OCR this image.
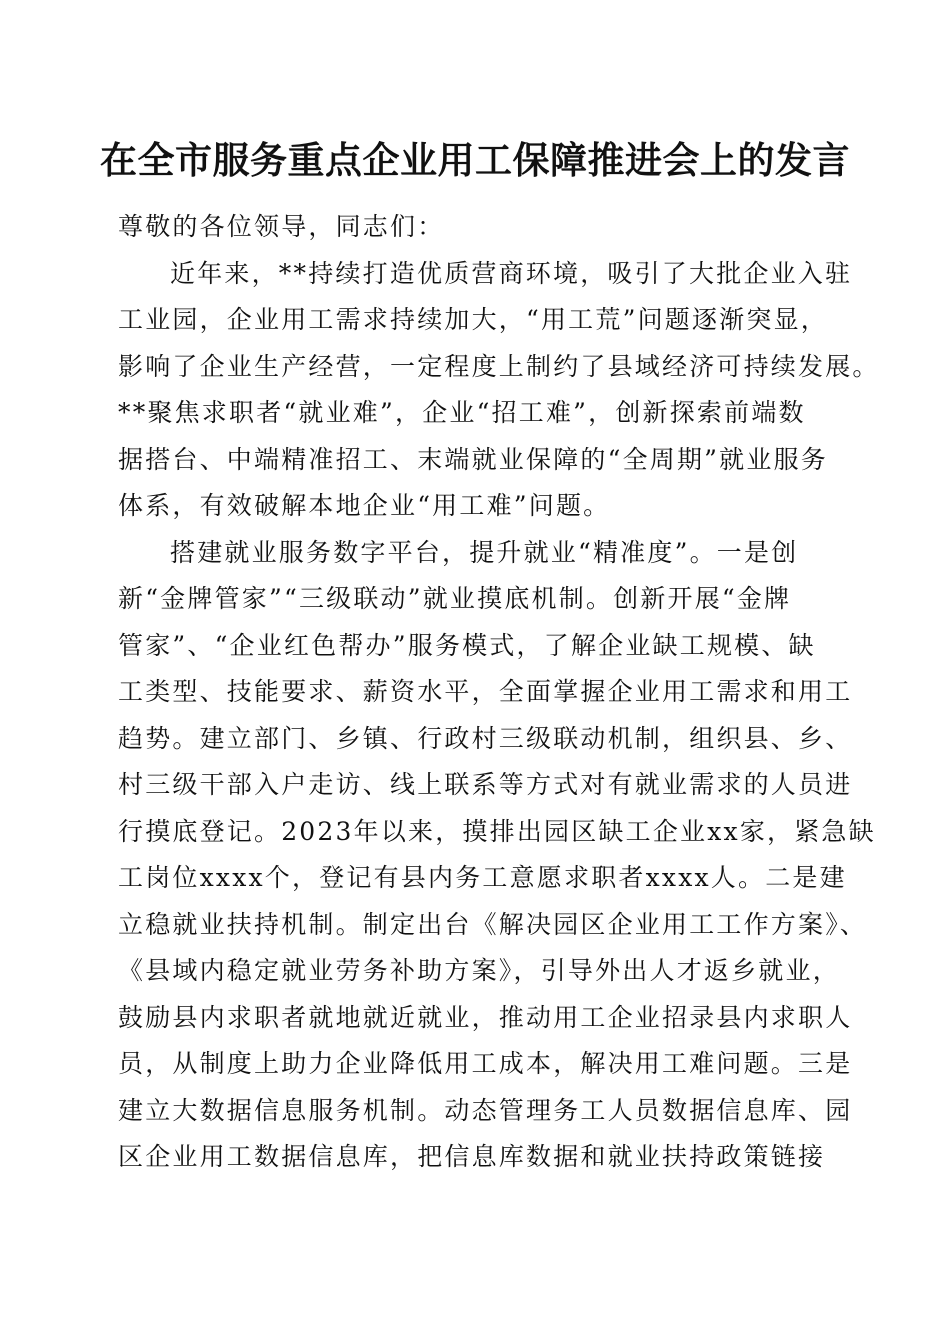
在全市服务重点企业用工保障推进会上的发言
尊敬的各位领导，同志们：
近年来，**持续打造优质营商环境，吸引了大批企业入驻
工业园，企业用工需求持续加大，“用工荒”问题逐渐突显，
影响了企业生产经营，一定程度上制约了县域经济可持续发展。
**聚焦求职者“就业难”，企业“招工难”，创新探索前端数
据搭台、中端精准招工、末端就业保障的“全周期”就业服务
体系，有效破解本地企业“用工难”问题。
搭建就业服务数字平台，提升就业“精准度”。一是创
新“金牌管家”“三级联动”就业摸底机制。创新开展“金牌
管家”、“企业红色帮办”服务模式，了解企业缺工规模、缺
工类型、技能要求、薪资水平，全面掌握企业用工需求和用工
趋势。建立部门、乡镇、行政村三级联动机制，组织县、乡、
村三级干部入户走访、线上联系等方式对有就业需求的人员进
行摸底登记。2023年以来，摸排出园区缺工企业xx家，紧急缺
工岗位xxxx个，登记有县内务工意愿求职者xxxx人。二是建
立稳就业扶持机制。制定出台《解决园区企业用工工作方案》、
《县域内稳定就业劳务补助方案》，引导外出人才返乡就业，
鼓励县内求职者就地就近就业，推动用工企业招录县内求职人
员，从制度上助力企业降低用工成本，解决用工难问题。三是
建立大数据信息服务机制。动态管理务工人员数据信息库、园
区企业用工数据信息库，把信息库数据和就业扶持政策链接
